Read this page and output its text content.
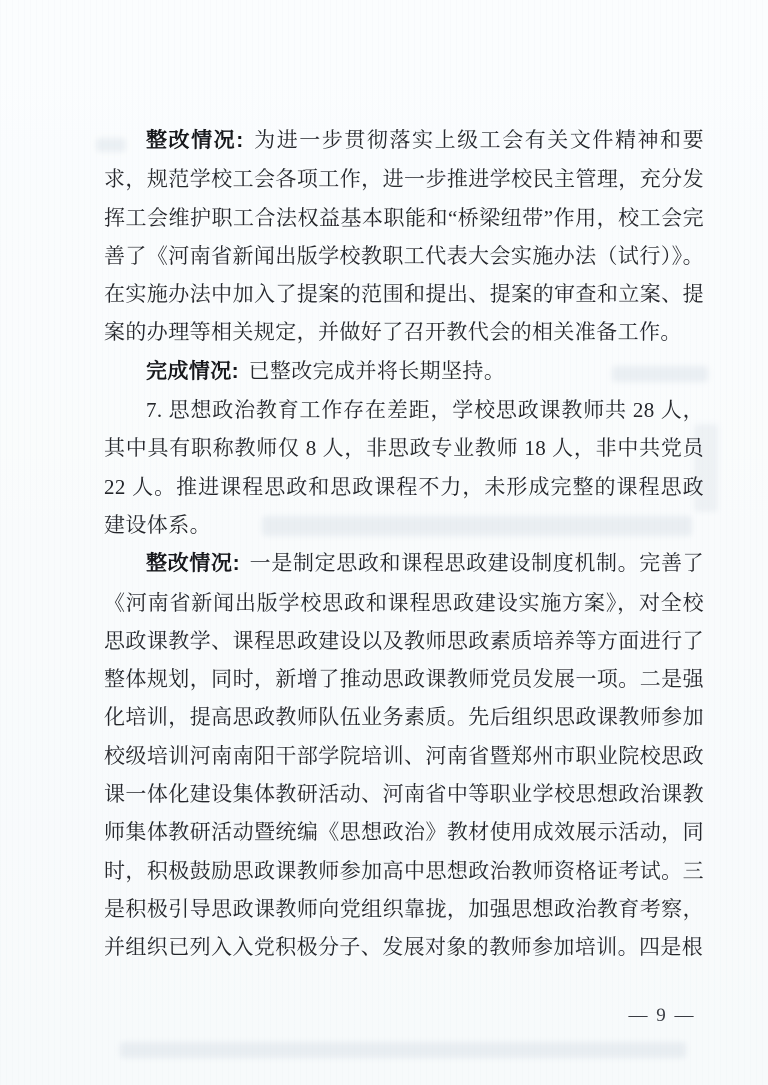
整改情况: 为进一步贯彻落实上级工会有关文件精神和要求，规范学校工会各项工作，进一步推进学校民主管理，充分发挥工会维护职工合法权益基本职能和“桥梁纽带”作用，校工会完善了《河南省新闻出版学校教职工代表大会实施办法（试行）》。在实施办法中加入了提案的范围和提出、提案的审查和立案、提案的办理等相关规定，并做好了召开教代会的相关准备工作。

完成情况: 已整改完成并将长期坚持。

7. 思想政治教育工作存在差距，学校思政课教师共 28 人，其中具有职称教师仅 8 人，非思政专业教师 18 人，非中共党员 22 人。推进课程思政和思政课程不力，未形成完整的课程思政建设体系。

整改情况: 一是制定思政和课程思政建设制度机制。完善了《河南省新闻出版学校思政和课程思政建设实施方案》，对全校思政课教学、课程思政建设以及教师思政素质培养等方面进行了整体规划，同时，新增了推动思政课教师党员发展一项。二是强化培训，提高思政教师队伍业务素质。先后组织思政课教师参加校级培训河南南阳干部学院培训、河南省暨郑州市职业院校思政课一体化建设集体教研活动、河南省中等职业学校思想政治课教师集体教研活动暨统编《思想政治》教材使用成效展示活动，同时，积极鼓励思政课教师参加高中思想政治教师资格证考试。三是积极引导思政课教师向党组织靠拢，加强思想政治教育考察，并组织已列入入党积极分子、发展对象的教师参加培训。四是根

— 9 —
